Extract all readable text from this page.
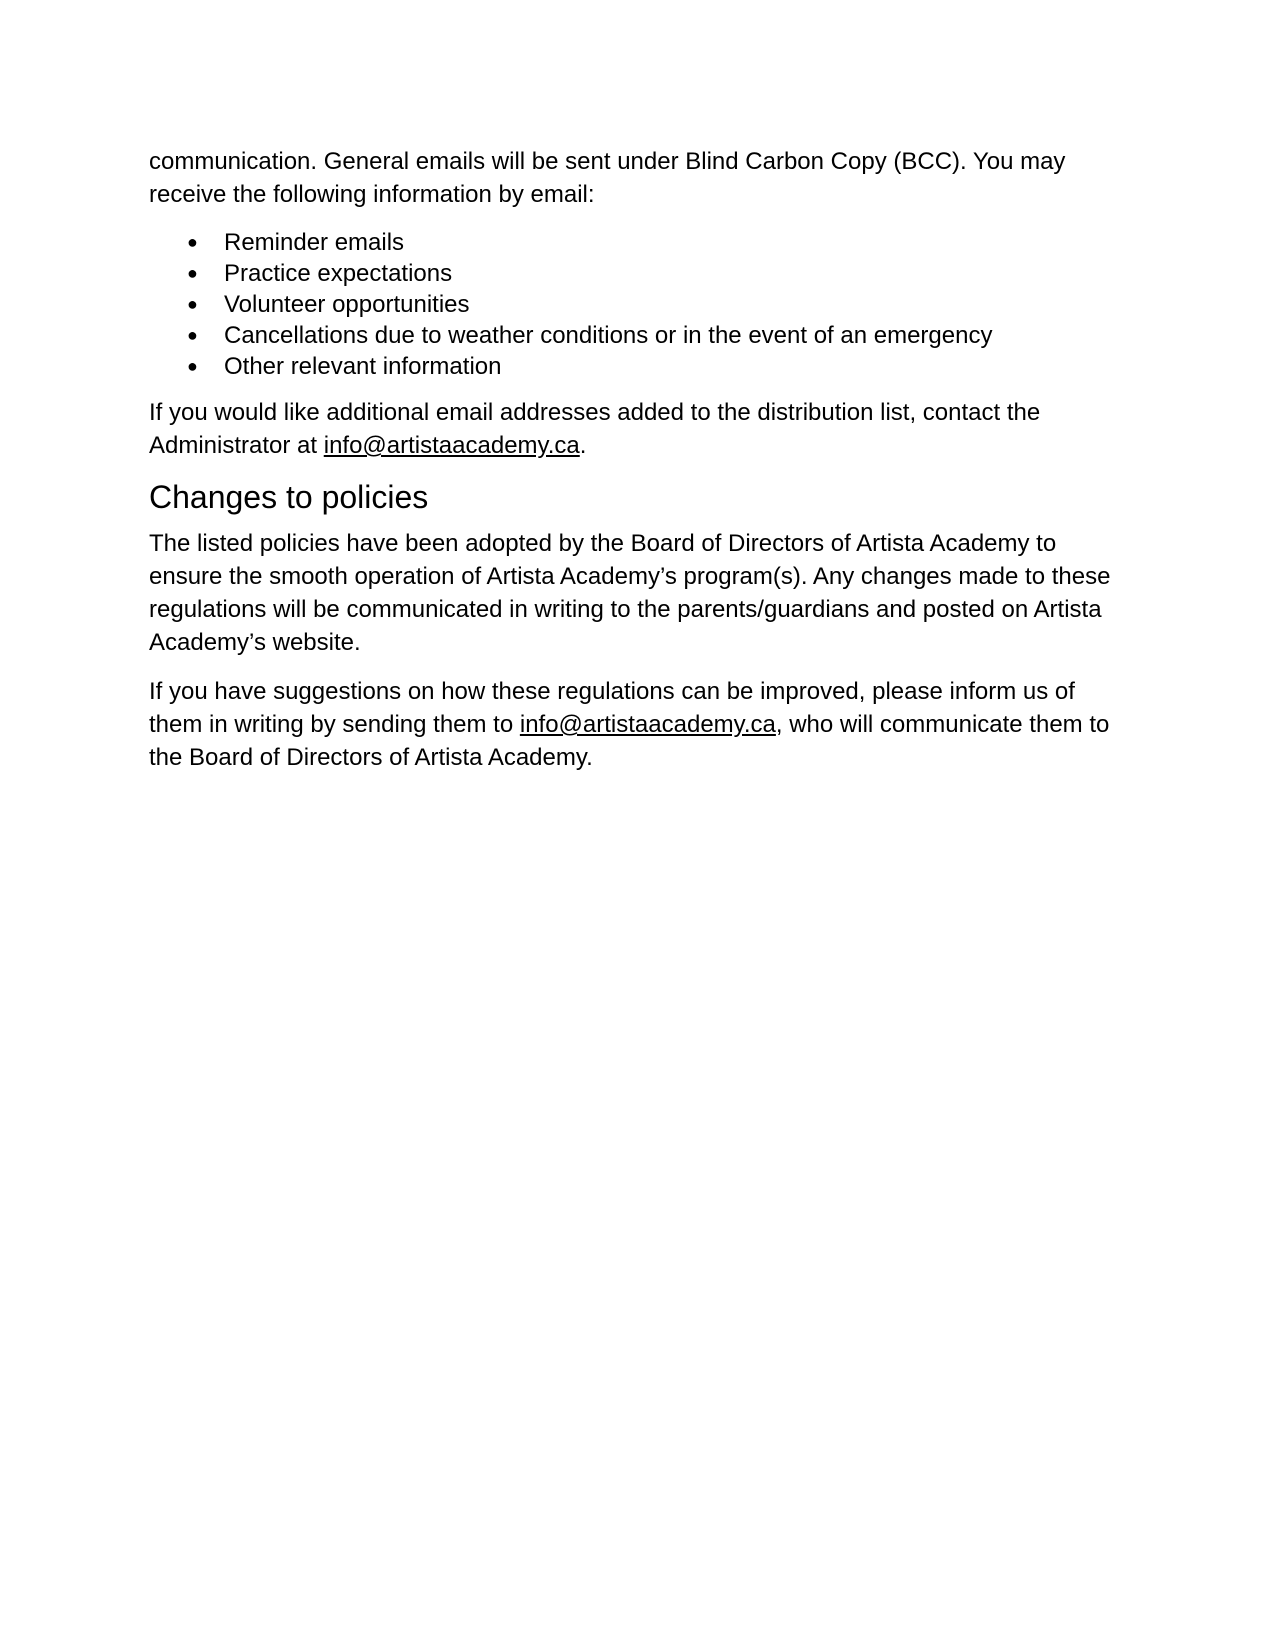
communication. General emails will be sent under Blind Carbon Copy (BCC). You may receive the following information by email:

●	Reminder emails
●	Practice expectations
●	Volunteer opportunities
●	Cancellations due to weather conditions or in the event of an emergency
●	Other relevant information

If you would like additional email addresses added to the distribution list, contact the Administrator at info@artistaacademy.ca.

Changes to policies

The listed policies have been adopted by the Board of Directors of Artista Academy to ensure the smooth operation of Artista Academy’s program(s). Any changes made to these regulations will be communicated in writing to the parents/guardians and posted on Artista Academy’s website.

If you have suggestions on how these regulations can be improved, please inform us of them in writing by sending them to info@artistaacademy.ca, who will communicate them to the Board of Directors of Artista Academy.
